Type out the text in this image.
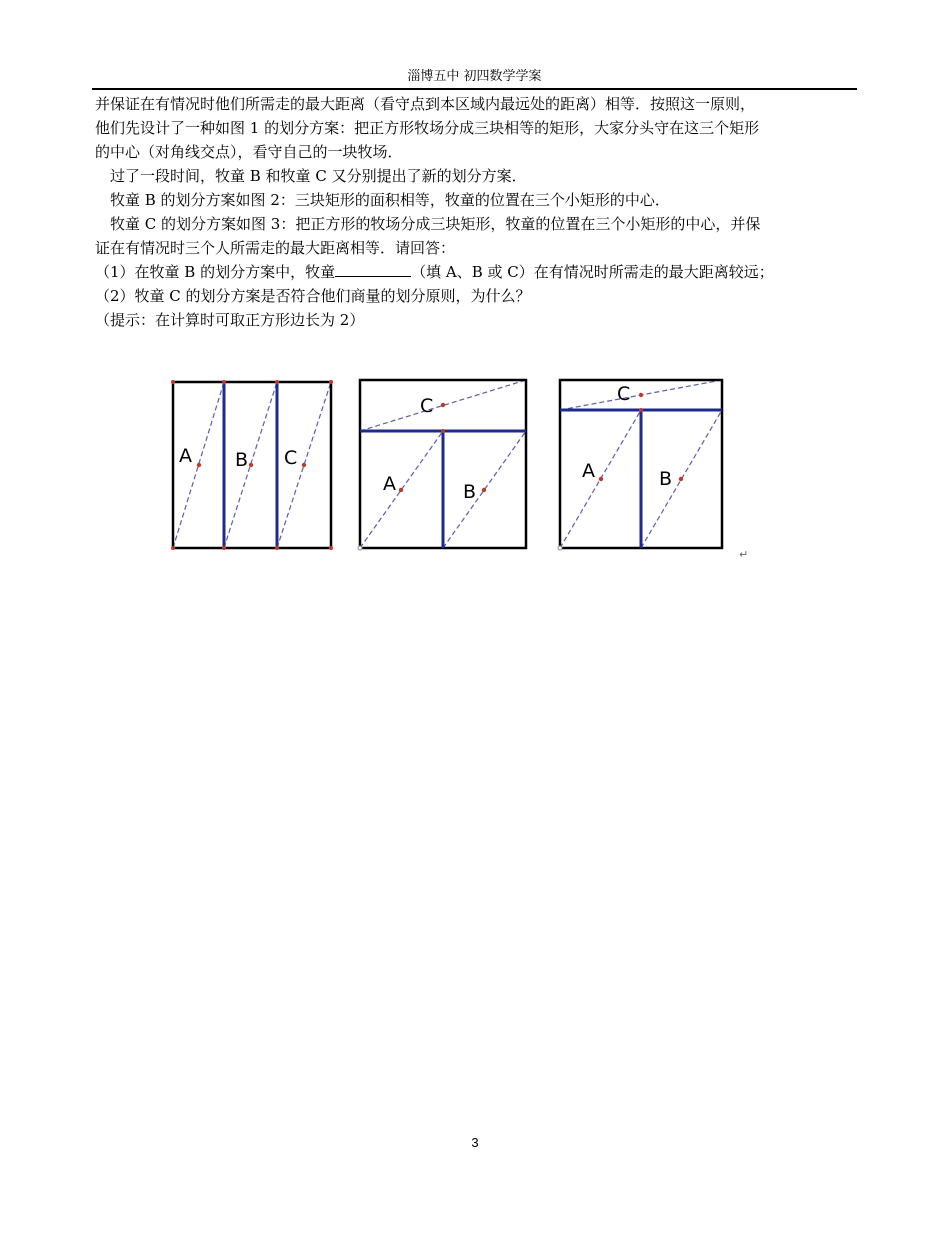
淄博五中 初四数学学案

并保证在有情况时他们所需走的最大距离（看守点到本区域内最远处的距离）相等．按照这一原则，

他们先设计了一种如图 1 的划分方案：把正方形牧场分成三块相等的矩形，大家分头守在这三个矩形

的中心（对角线交点），看守自己的一块牧场．

过了一段时间，牧童 B 和牧童 C 又分别提出了新的划分方案．

牧童 B 的划分方案如图 2：三块矩形的面积相等，牧童的位置在三个小矩形的中心．

牧童 C 的划分方案如图 3：把正方形的牧场分成三块矩形，牧童的位置在三个小矩形的中心，并保

证在有情况时三个人所需走的最大距离相等．请回答：

（1）在牧童 B 的划分方案中，牧童	（填 A、B 或 C）在有情况时所需走的最大距离较远；

（2）牧童 C 的划分方案是否符合他们商量的划分原则，为什么？

（提示：在计算时可取正方形边长为 2）

A B C
C
A	B
C
A	B
↵
3
